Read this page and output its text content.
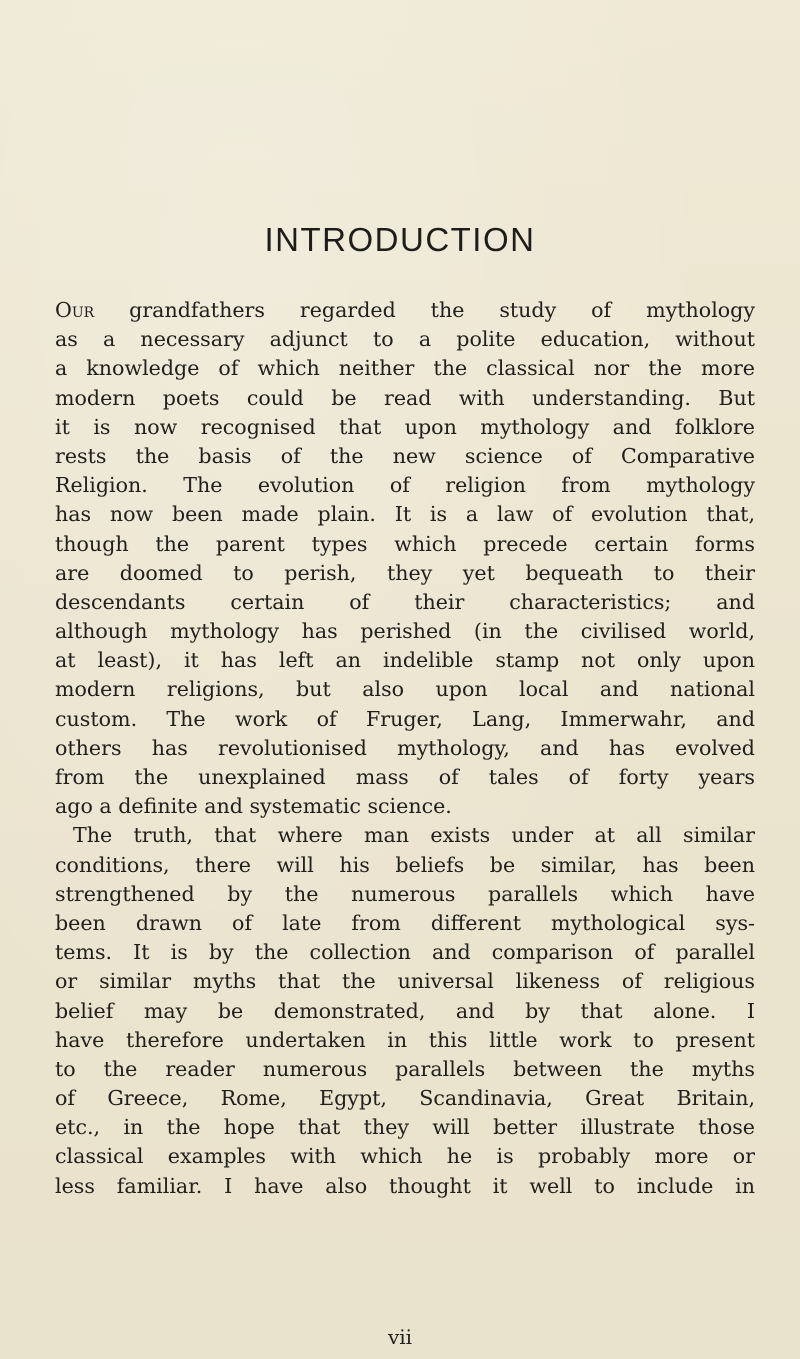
INTRODUCTION
Our grandfathers regarded the study of mythology
as a necessary adjunct to a polite education, without
a knowledge of which neither the classical nor the more
modern poets could be read with understanding. But
it is now recognised that upon mythology and folklore
rests the basis of the new science of Comparative
Religion. The evolution of religion from mythology
has now been made plain. It is a law of evolution that,
though the parent types which precede certain forms
are doomed to perish, they yet bequeath to their
descendants certain of their characteristics; and
although mythology has perished (in the civilised world,
at least), it has left an indelible stamp not only upon
modern religions, but also upon local and national
custom. The work of Fruger, Lang, Immerwahr, and
others has revolutionised mythology, and has evolved
from the unexplained mass of tales of forty years
ago a definite and systematic science.
The truth, that where man exists under at all similar
conditions, there will his beliefs be similar, has been
strengthened by the numerous parallels which have
been drawn of late from different mythological sys-
tems. It is by the collection and comparison of parallel
or similar myths that the universal likeness of religious
belief may be demonstrated, and by that alone. I
have therefore undertaken in this little work to present
to the reader numerous parallels between the myths
of Greece, Rome, Egypt, Scandinavia, Great Britain,
etc., in the hope that they will better illustrate those
classical examples with which he is probably more or
less familiar. I have also thought it well to include in
vii
